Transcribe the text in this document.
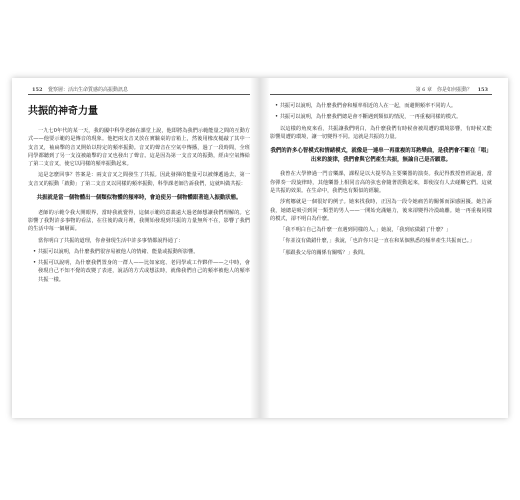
152 覺察層：活出生命質感的高振動訊息
共振的神奇力量

一九七0年代的某一天，我的國中科學老師在課堂上說，他即將為我們示範能量之間的互動方式——他要示範的是傳音的現象。他把兩支音叉放在實驗桌的音箱上，然後用橡皮槌敲了其中一支音叉，袖扁擊的音叉開始以特定的頻率振動。音叉的聲音在空氣中傳播，過了一段時間，全班同學都聽到了另一支沒被敲擊的音叉也發出了聲音。這是因為第一支音叉的振動，經由空氣傳給了第二支音叉，使它以同樣的頻率振動起來。

這是怎麼回事？答案是：兩支音叉之間發生了共振。因此發揮的能量可以被傳遞過去，第一支音叉的振動「啟動」了第二支音叉以同樣的頻率振動，科學課老師告訴我們，這就叫做共振：

共振就是當一個物體出一個類似物體的頻率時，會迫使另一個物體跟著進入振動狀態。

老師的示範令我大開眼界，當時我就覺得，這個示範的意義遠大過老師想讓我們理解的。它影響了我對許多事物的看法，在往後的歲月裡，我開始發現到共振的力量無所不在，影響了我們的生活中每一個層面。

當你明白了共振的道理，你會發現生活中許多事情都說得通了：

• 共振可以說明，為什麼我們很容易被他人的情緒、能量或振動所影響。

• 共振可以說明，為什麼我們置身的一群人——比如家庭、老同學或工作夥伴——之中時，會發現自己不知不覺的改變了表達，說話的方式或想法時，就像我們自己的頻率被他人的頻率共振一樣。

第 6 章　你是如何振動？ 153

• 共振可以說明，為什麼我們會和頻率相近的人在一起，而避開頻率不同的人。

• 共振可以說明，為什麼我們總是會不斷遇到類似的情況，一再重複同樣的模式。

以這樣的角度來看，共振讓我們明白，為什麼我們有時候會被周遭的環境影響，有時候又能影響周遭的環境，讓一切變得不同。這就是共振的力量。

我們的許多心智模式和情緒模式，就像是一連串一再重複的耳熟樂曲，是我們會不斷在「唱」出來的旋律，我們會與它們產生共振，無論自己是否願意。

我曾在大學修過一門音樂課，課程是以大提琴為主要樂器的演奏。我記得教授曾經說過，當你彈奏一段旋律時，其他樂器上相同音高的弦也會隨著震動起來，即使沒有人去碰觸它們。這就是共振的效果。在生命中，我們也有類似的經驗。

莎賓娜就是一個很好的例子。她來找我時，正因為一段令她痛苦的關係而深感困擾。她告訴我，她總是吸引到同一類型的男人——一開始充滿魅力，後來卻變得冷漠疏離。她一再重複同樣的模式，卻不明白為什麼。

「我不明白自己為什麼一直遇到同樣的人。」她說，「我到底做錯了什麼？」

「你並沒有做錯什麼，」我說，「也許你只是一直在和某個熟悉的頻率產生共振而已。」

「那跟我父母的關係有關嗎？」我問。
